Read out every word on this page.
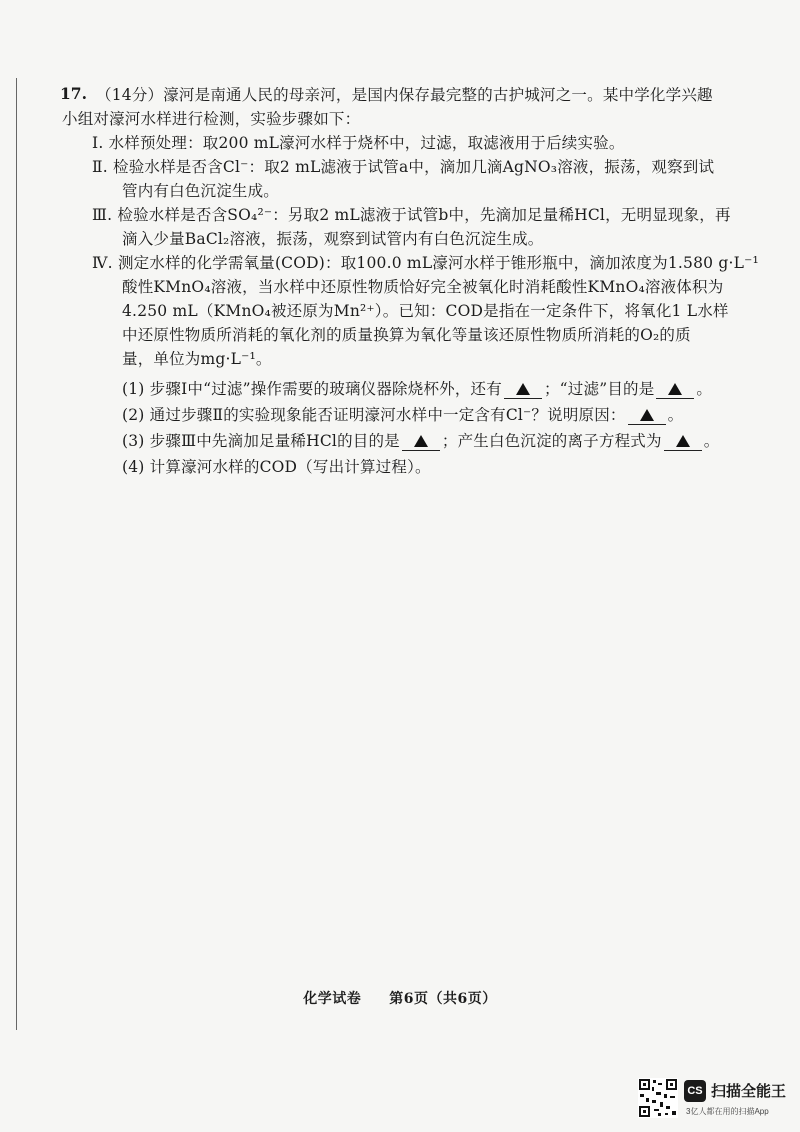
17. （14分）濠河是南通人民的母亲河，是国内保存最完整的古护城河之一。某中学化学兴趣
小组对濠河水样进行检测，实验步骤如下：
Ⅰ. 水样预处理：取200 mL濠河水样于烧杯中，过滤，取滤液用于后续实验。
Ⅱ. 检验水样是否含Cl⁻：取2 mL滤液于试管a中，滴加几滴AgNO₃溶液，振荡，观察到试
管内有白色沉淀生成。
Ⅲ. 检验水样是否含SO₄²⁻：另取2 mL滤液于试管b中，先滴加足量稀HCl，无明显现象，再
滴入少量BaCl₂溶液，振荡，观察到试管内有白色沉淀生成。
Ⅳ. 测定水样的化学需氧量(COD)：取100.0 mL濠河水样于锥形瓶中，滴加浓度为1.580 g·L⁻¹
酸性KMnO₄溶液，当水样中还原性物质恰好完全被氧化时消耗酸性KMnO₄溶液体积为
4.250 mL（KMnO₄被还原为Mn²⁺）。已知：COD是指在一定条件下，将氧化1 L水样
中还原性物质所消耗的氧化剂的质量换算为氧化等量该还原性物质所消耗的O₂的质
量，单位为mg·L⁻¹。
(1) 步骤Ⅰ中“过滤”操作需要的玻璃仪器除烧杯外，还有	；“过滤”目的是	。
(2) 通过步骤Ⅱ的实验现象能否证明濠河水样中一定含有Cl⁻？说明原因：	。
(3) 步骤Ⅲ中先滴加足量稀HCl的目的是	；产生白色沉淀的离子方程式为	。
(4) 计算濠河水样的COD（写出计算过程）。
化学试卷 第6页（共6页）
CS 扫描全能王
3亿人都在用的扫描App
